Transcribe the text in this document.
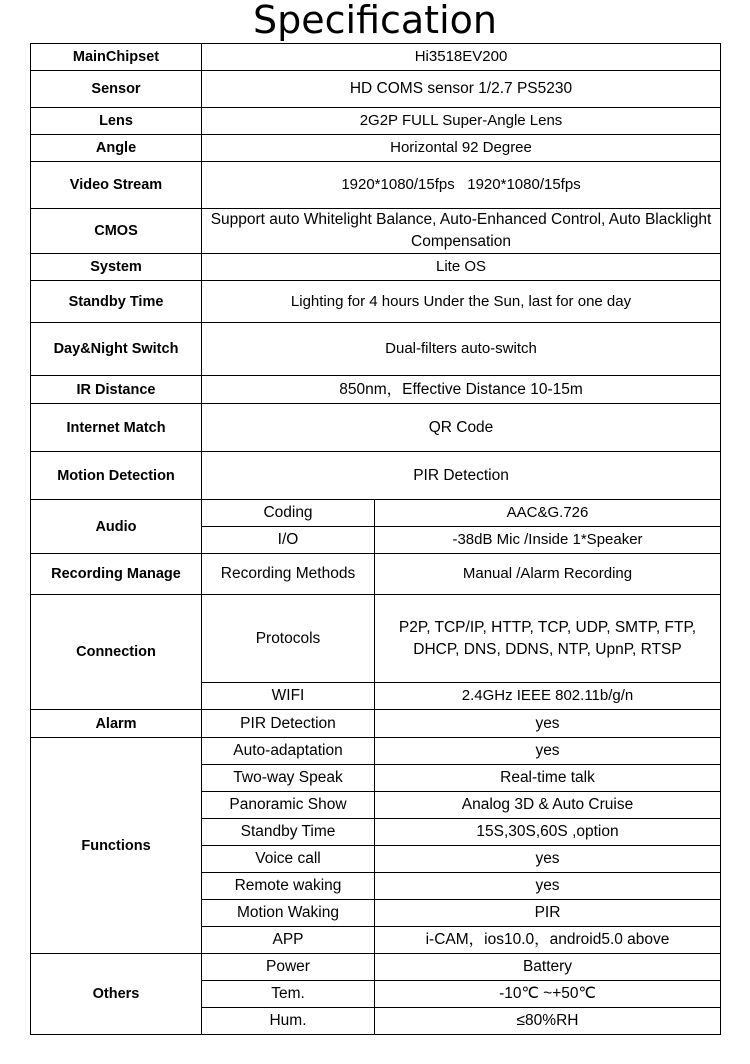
Specification
MainChipset	Hi3518EV200	
Sensor	HD COMS sensor 1/2.7 PS5230	
Lens	2G2P FULL Super-Angle Lens	
Angle	Horizontal 92 Degree	
Video Stream	1920*1080/15fps   1920*1080/15fps	
CMOS	Support auto Whitelight Balance, Auto-Enhanced Control, Auto Blacklight Compensation	
System	Lite OS	
Standby Time	Lighting for 4 hours Under the Sun, last for one day	
Day&Night Switch	Dual-filters auto-switch	
IR Distance	850nm，Effective Distance 10-15m	
Internet Match	QR Code	
Motion Detection	PIR Detection	
Audio	Coding	AAC&G.726
	I/O	-38dB Mic /Inside 1*Speaker
Recording Manage	Recording Methods	Manual /Alarm Recording
Connection	Protocols	P2P, TCP/IP, HTTP, TCP, UDP, SMTP, FTP, DHCP, DNS, DDNS, NTP, UpnP, RTSP
	WIFI	2.4GHz IEEE 802.11b/g/n
Alarm	PIR Detection	yes
Functions	Auto-adaptation	yes
	Two-way Speak	Real-time talk
	Panoramic Show	Analog 3D & Auto Cruise
	Standby Time	15S,30S,60S ,option
	Voice call	yes
	Remote waking	yes
	Motion Waking	PIR
	APP	i-CAM，ios10.0，android5.0 above
Others	Power	Battery
	Tem.	-10℃ ~+50℃
	Hum.	≤80%RH
